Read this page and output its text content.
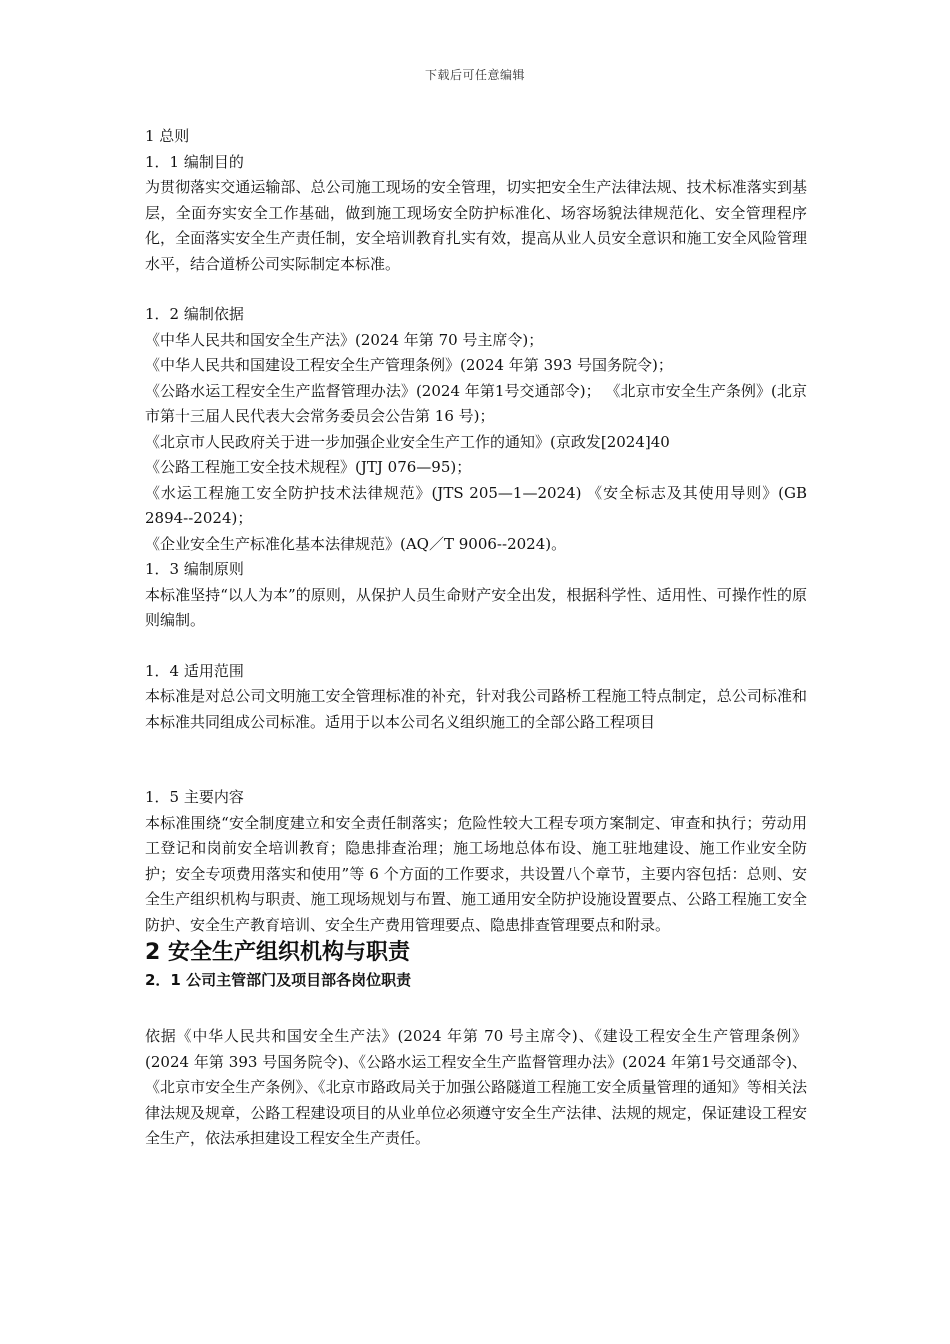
下载后可任意编辑

1 总则

1．1 编制目的

为贯彻落实交通运输部、总公司施工现场的安全管理，切实把安全生产法律法规、技术标准落实到基层，全面夯实安全工作基础，做到施工现场安全防护标准化、场容场貌法律规范化、安全管理程序化，全面落实安全生产责任制，安全培训教育扎实有效，提高从业人员安全意识和施工安全风险管理水平，结合道桥公司实际制定本标准。

1．2 编制依据

《中华人民共和国安全生产法》(2024 年第 70 号主席令)；

《中华人民共和国建设工程安全生产管理条例》(2024 年第 393 号国务院令)；

《公路水运工程安全生产监督管理办法》(2024 年第1号交通部令)； 《北京市安全生产条例》(北京市第十三届人民代表大会常务委员会公告第 16 号)；

《北京市人民政府关于进一步加强企业安全生产工作的通知》(京政发[2024]40

《公路工程施工安全技术规程》(JTJ 076—95)；

《水运工程施工安全防护技术法律规范》(JTS 205—1—2024) 《安全标志及其使用导则》(GB 2894--2024)；

《企业安全生产标准化基本法律规范》(AQ／T 9006--2024)。

1．3 编制原则

本标准坚持“以人为本”的原则，从保护人员生命财产安全出发，根据科学性、适用性、可操作性的原则编制。

1．4 适用范围

本标准是对总公司文明施工安全管理标准的补充，针对我公司路桥工程施工特点制定，总公司标准和本标准共同组成公司标准。适用于以本公司名义组织施工的全部公路工程项目

1．5 主要内容

本标准围绕“安全制度建立和安全责任制落实；危险性较大工程专项方案制定、审查和执行；劳动用工登记和岗前安全培训教育；隐患排查治理；施工场地总体布设、施工驻地建设、施工作业安全防护；安全专项费用落实和使用”等 6 个方面的工作要求，共设置八个章节，主要内容包括：总则、安全生产组织机构与职责、施工现场规划与布置、施工通用安全防护设施设置要点、公路工程施工安全防护、安全生产教育培训、安全生产费用管理要点、隐患排查管理要点和附录。

2 安全生产组织机构与职责

2．1 公司主管部门及项目部各岗位职责

依据《中华人民共和国安全生产法》(2024 年第 70 号主席令)、《建设工程安全生产管理条例》(2024 年第 393 号国务院令)、《公路水运工程安全生产监督管理办法》(2024 年第1号交通部令)、《北京市安全生产条例》、《北京市路政局关于加强公路隧道工程施工安全质量管理的通知》等相关法律法规及规章，公路工程建设项目的从业单位必须遵守安全生产法律、法规的规定，保证建设工程安全生产，依法承担建设工程安全生产责任。
